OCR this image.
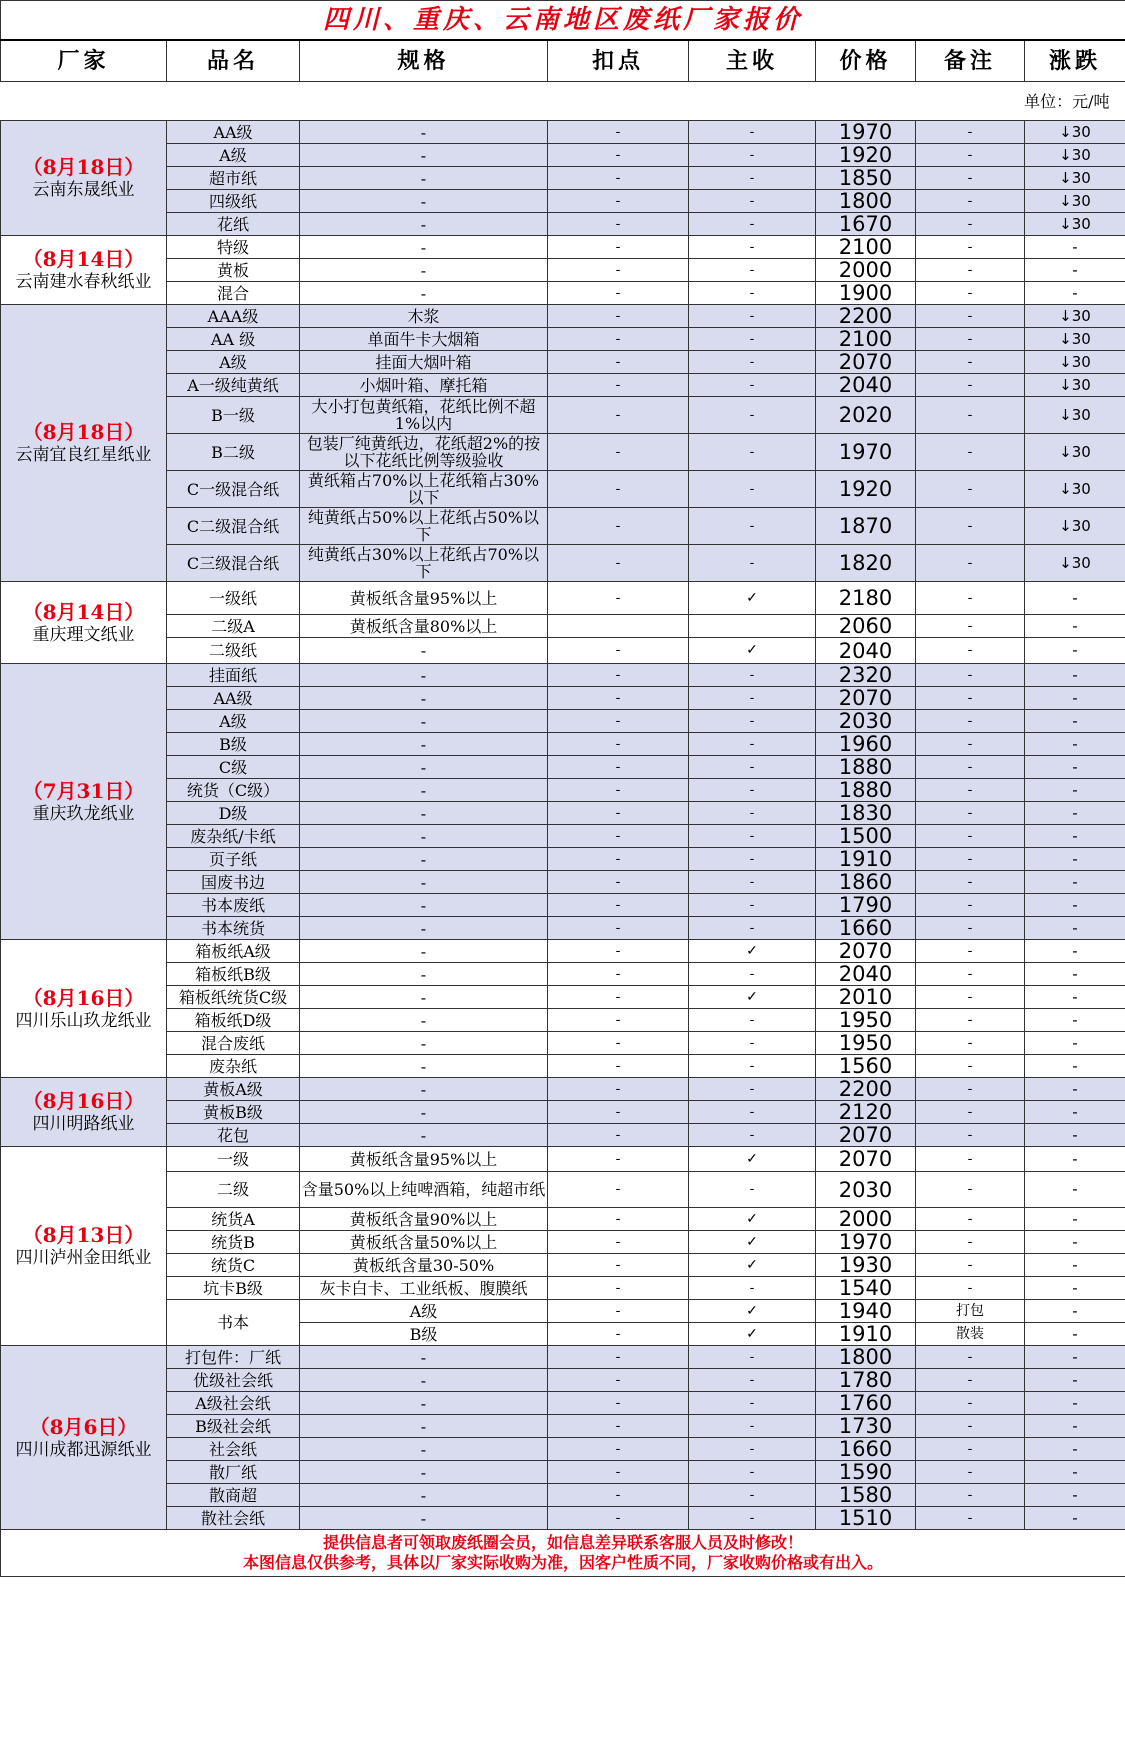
四川、重庆、云南地区废纸厂家报价							
厂家	品名	规格	扣点	主收	价格	备注	涨跌
单位：元/吨							

（8月18日）
云南东晟纸业	AA级	-	-	-	1970	-	↓30
	A级	-	-	-	1920	-	↓30
	超市纸	-	-	-	1850	-	↓30
	四级纸	-	-	-	1800	-	↓30
	花纸	-	-	-	1670	-	↓30

（8月14日）
云南建水春秋纸业	特级	-	-	-	2100	-	-
	黄板	-	-	-	2000	-	-
	混合	-	-	-	1900	-	-

（8月18日）
云南宜良红星纸业	AAA级	木浆	-	-	2200	-	↓30
	AA 级	单面牛卡大烟箱	-	-	2100	-	↓30
	A级	挂面大烟叶箱	-	-	2070	-	↓30
	A一级纯黄纸	小烟叶箱、摩托箱	-	-	2040	-	↓30
	B一级	大小打包黄纸箱，花纸比例不超1%以内	-	-	2020	-	↓30
	B二级	包装厂纯黄纸边，花纸超2%的按以下花纸比例等级验收	-	-	1970	-	↓30
	C一级混合纸	黄纸箱占70%以上花纸箱占30%以下	-	-	1920	-	↓30
	C二级混合纸	纯黄纸占50%以上花纸占50%以下	-	-	1870	-	↓30
	C三级混合纸	纯黄纸占30%以上花纸占70%以下	-	-	1820	-	↓30

（8月14日）
重庆理文纸业	一级纸	黄板纸含量95%以上	-	✓	2180	-	-
	二级A	黄板纸含量80%以上			2060	-	-
	二级纸	-	-	✓	2040	-	-

（7月31日）
重庆玖龙纸业	挂面纸	-	-	-	2320	-	-
	AA级	-	-	-	2070	-	-
	A级	-	-	-	2030	-	-
	B级	-	-	-	1960	-	-
	C级	-	-	-	1880	-	-
	统货（C级）	-	-	-	1880	-	-
	D级	-	-	-	1830	-	-
	废杂纸/卡纸	-	-	-	1500	-	-
	页子纸	-	-	-	1910	-	-
	国废书边	-	-	-	1860	-	-
	书本废纸	-	-	-	1790	-	-
	书本统货	-	-	-	1660	-	-

（8月16日）
四川乐山玖龙纸业	箱板纸A级	-	-	✓	2070	-	-
	箱板纸B级	-	-	-	2040	-	-
	箱板纸统货C级	-	-	✓	2010	-	-
	箱板纸D级	-	-	-	1950	-	-
	混合废纸	-	-	-	1950	-	-
	废杂纸	-	-	-	1560	-	-

（8月16日）
四川明路纸业	黄板A级	-	-	-	2200	-	-
	黄板B级	-	-	-	2120	-	-
	花包	-	-	-	2070	-	-

（8月13日）
四川泸州金田纸业	一级	黄板纸含量95%以上	-	✓	2070	-	-
	二级	含量50%以上纯啤酒箱，纯超市纸	-	-	2030	-	-
	统货A	黄板纸含量90%以上	-	✓	2000	-	-
	统货B	黄板纸含量50%以上	-	✓	1970	-	-
	统货C	黄板纸含量30-50%	-	✓	1930	-	-
	坑卡B级	灰卡白卡、工业纸板、腹膜纸	-	-	1540	-	-
	书本	A级	-	✓	1940	打包	-
		B级	-	✓	1910	散装	-

（8月6日）
四川成都迅源纸业	打包件：厂纸	-	-	-	1800	-	-
	优级社会纸	-	-	-	1780	-	-
	A级社会纸	-	-	-	1760	-	-
	B级社会纸	-	-	-	1730	-	-
	社会纸	-	-	-	1660	-	-
	散厂纸	-	-	-	1590	-	-
	散商超	-	-	-	1580	-	-
	散社会纸	-	-	-	1510	-	-
提供信息者可领取废纸圈会员，如信息差异联系客服人员及时修改！
本图信息仅供参考，具体以厂家实际收购为准，因客户性质不同，厂家收购价格或有出入。							
